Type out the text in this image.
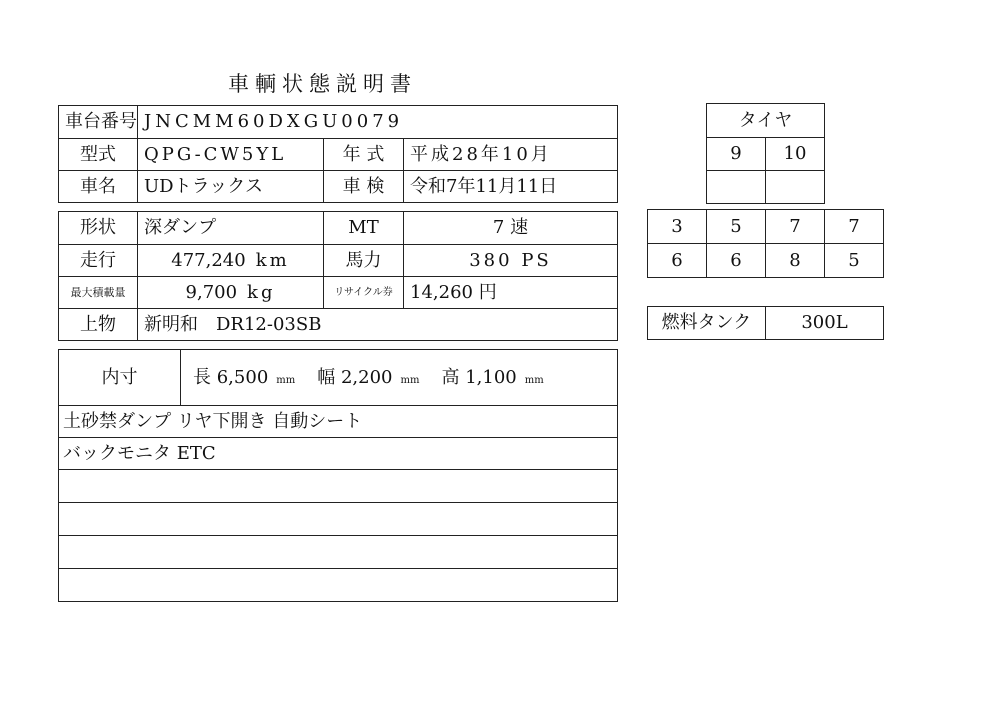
車輌状態説明書
車台番号	JNCMM60DXGU0079		
型式	QPG-CW5YL	年 式	平成28年10月
車名	UDトラックス	車 検	令和7年11月11日
形状	深ダンプ	MT	7 速
走行	477,240 km	馬力	380 PS
最大積載量	9,700 kg	リサイクル券	14,260 円
上物	新明和 DR12-03SB		
内寸	長 6,500 mm 幅 2,200 mm 高 1,100 mm
土砂禁ダンプ リヤ下開き 自動シート
バックモニタ ETC

タイヤ	
9	10

3	5	7	7
6	6	8	5
燃料タンク	300L
